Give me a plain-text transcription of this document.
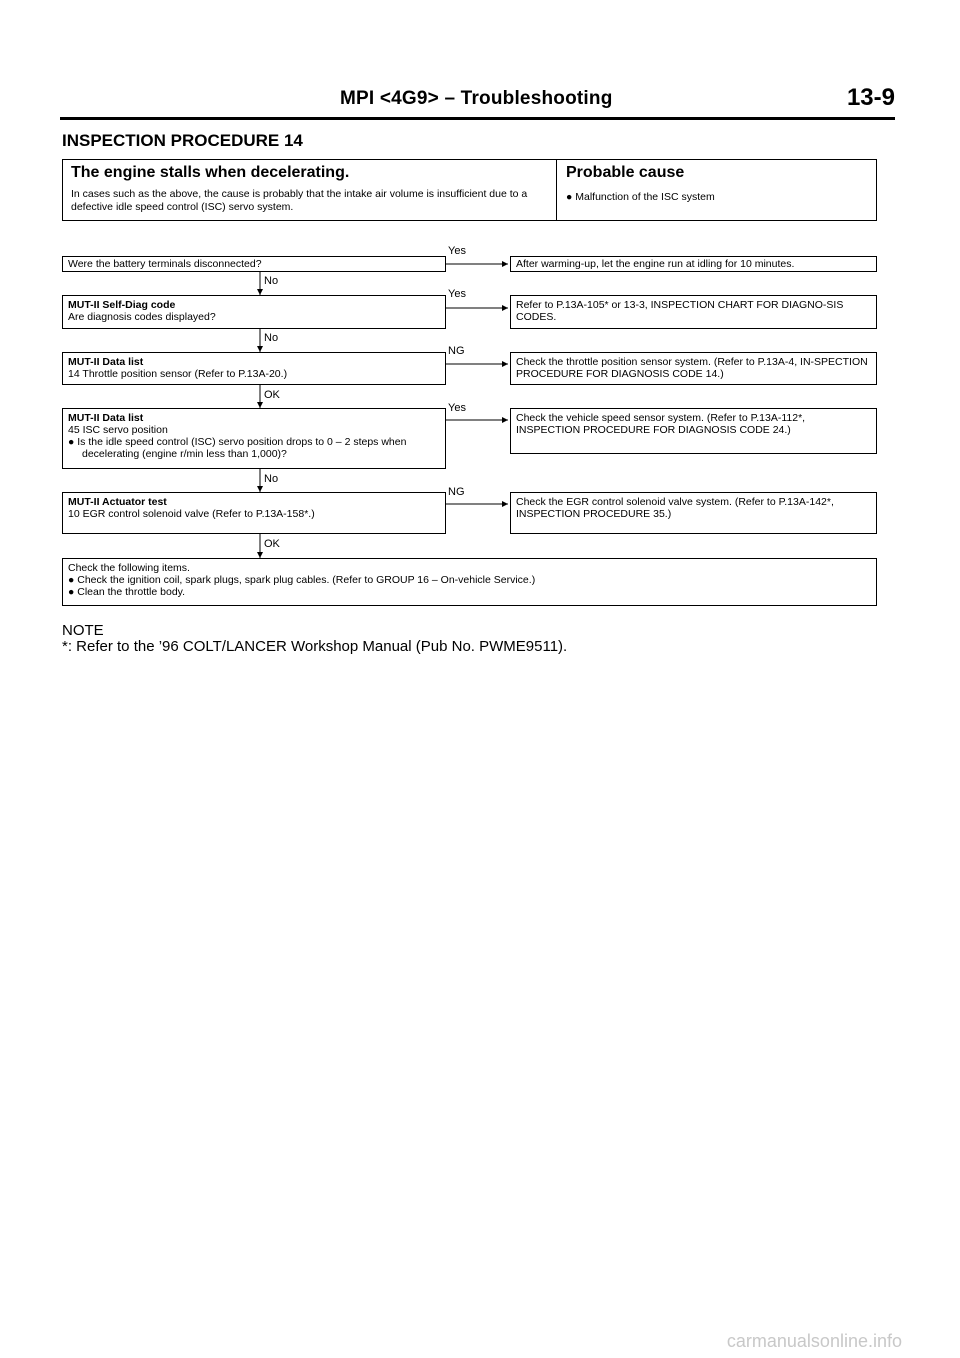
MPI <4G9> – Troubleshooting	13-9
INSPECTION PROCEDURE 14
The engine stalls when decelerating.	Probable cause
In cases such as the above, the cause is probably that the intake air volume is insufficient due to a defective idle speed control (ISC) servo system.
● Malfunction of the ISC system
Were the battery terminals disconnected?
Yes
After warming-up, let the engine run at idling for 10 minutes.
No
MUT-II Self-Diag code
Are diagnosis codes displayed?
Yes
Refer to P.13A-105* or 13-3, INSPECTION CHART FOR DIAGNO-SIS CODES.
No
MUT-II Data list
14 Throttle position sensor (Refer to P.13A-20.)
NG
Check the throttle position sensor system. (Refer to P.13A-4, IN-SPECTION PROCEDURE FOR DIAGNOSIS CODE 14.)
OK
MUT-II Data list
45 ISC servo position
● Is the idle speed control (ISC) servo position drops to 0 – 2 steps when decelerating (engine r/min less than 1,000)?
Yes
Check the vehicle speed sensor system. (Refer to P.13A-112*, INSPECTION PROCEDURE FOR DIAGNOSIS CODE 24.)
No
MUT-II Actuator test
10 EGR control solenoid valve (Refer to P.13A-158*.)
NG
Check the EGR control solenoid valve system. (Refer to P.13A-142*, INSPECTION PROCEDURE 35.)
OK
Check the following items.
● Check the ignition coil, spark plugs, spark plug cables. (Refer to GROUP 16 – On-vehicle Service.)
● Clean the throttle body.
NOTE
*: Refer to the ’96 COLT/LANCER Workshop Manual (Pub No. PWME9511).
carmanualsonline.info
